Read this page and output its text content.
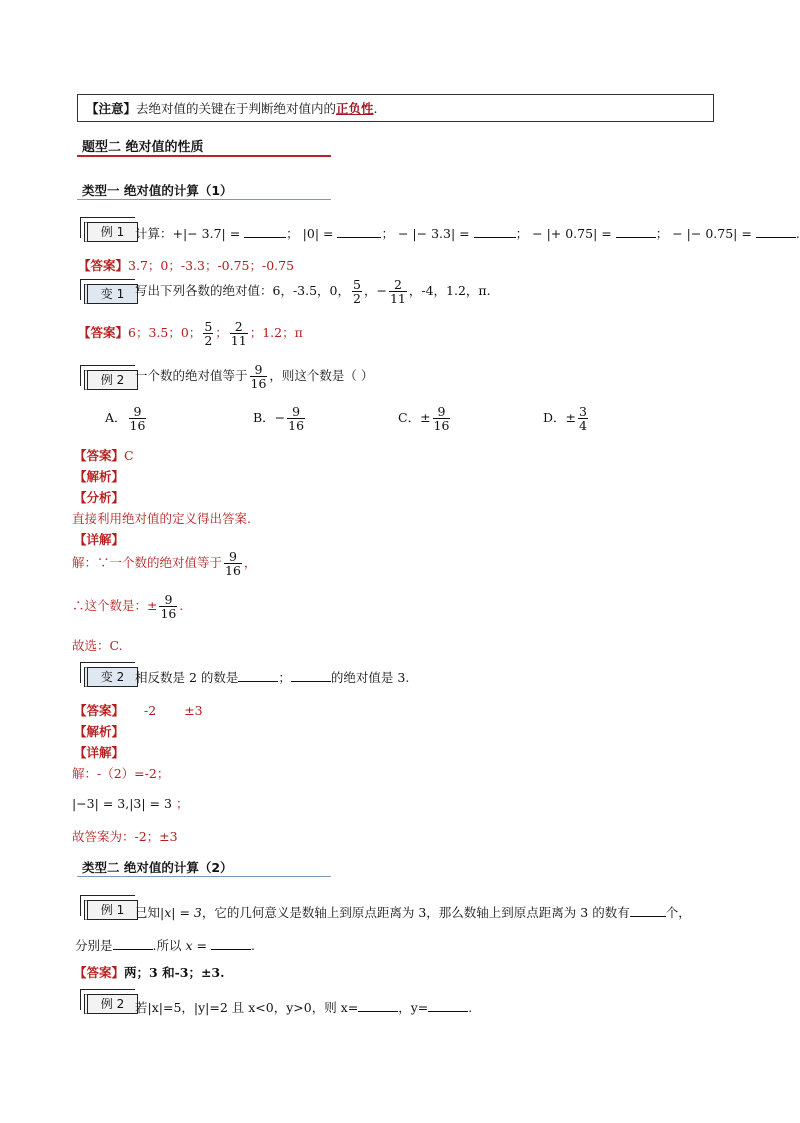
【注意】去绝对值的关键在于判断绝对值内的正负性.
题型二 绝对值的性质
类型一 绝对值的计算（1）
例 1 计算：+|− 3.7| =	； |0| =	； − |− 3.3| =	； − |+ 0.75| =	； − |− 0.75| =	.
【答案】3.7；0；-3.3；-0.75；-0.75
变 1 写出下列各数的绝对值：6，-3.5，0， $\frac{5}{2}$ ，− $\frac{2}{11}$ ，-4，1.2，π.
【答案】6；3.5；0； $\frac{5}{2}$ ； $\frac{2}{11}$ ；1.2；π
例 2 一个数的绝对值等于 $\frac{9}{16}$ ，则这个数是（ ）
A． $\frac{9}{16}$	B．− $\frac{9}{16}$	C．± $\frac{9}{16}$	D．± $\frac{3}{4}$
【答案】C
【解析】
【分析】
直接利用绝对值的定义得出答案.
【详解】
解：∵一个数的绝对值等于 $\frac{9}{16}$ ，
∴这个数是：± $\frac{9}{16}$ .
故选：C.
变 2 相反数是 2 的数是	；	的绝对值是 3.
【答案】 -2 ±3
【解析】
【详解】
解：-（2）=-2；
|−3| = 3,|3| = 3 ；
故答案为：-2；±3
类型二 绝对值的计算（2）
例 1 已知|x| = 3，它的几何意义是数轴上到原点距离为 3，那么数轴上到原点距离为 3 的数有	个，
分别是	.所以 x =	.
【答案】两；3 和-3；±3.
例 2 若|x|=5，|y|=2 且 x<0，y>0，则 x=	，y=	.
